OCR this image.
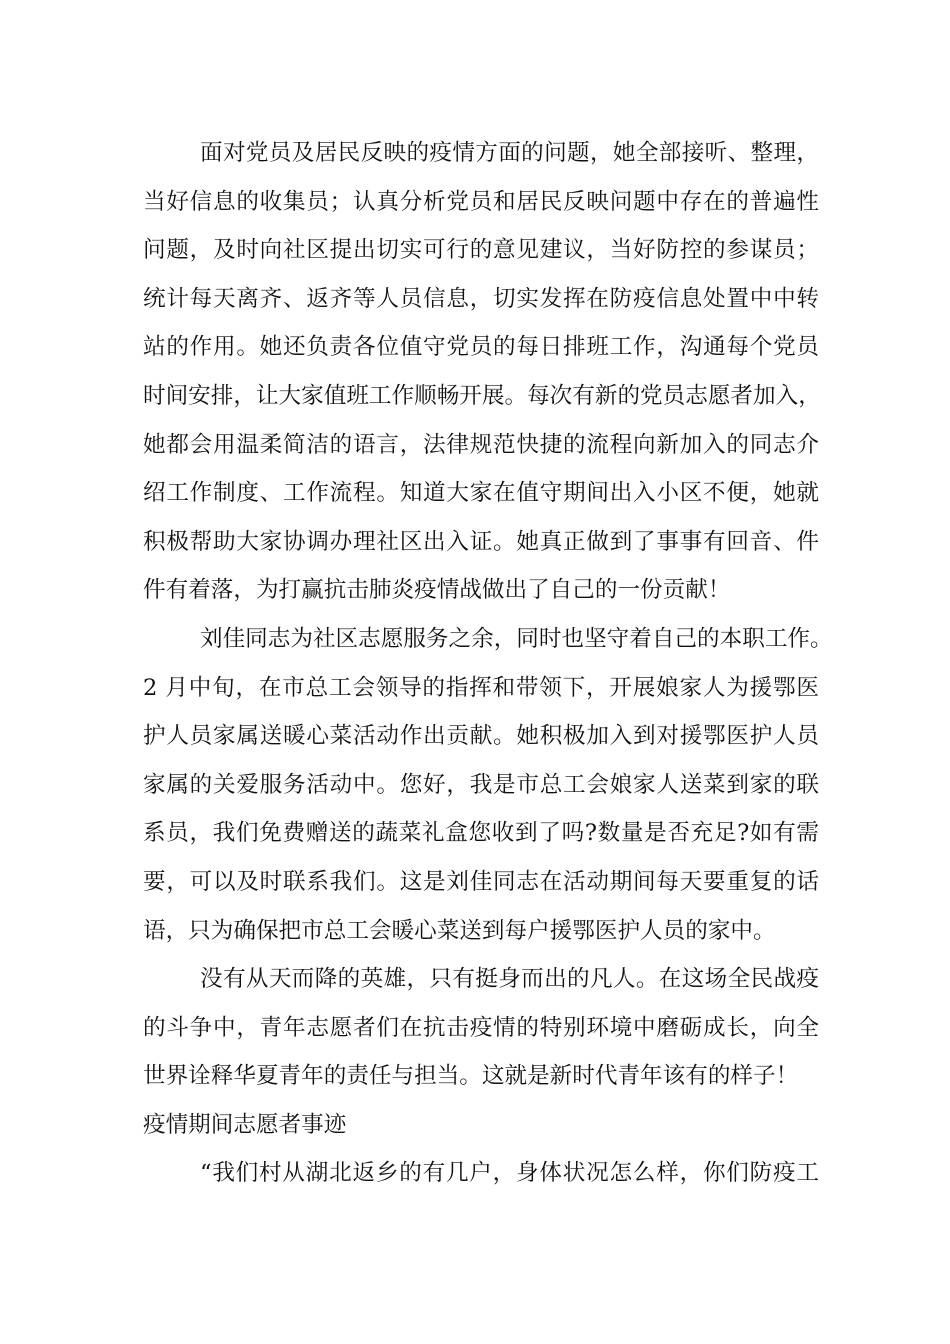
面对党员及居民反映的疫情方面的问题，她全部接听、整理，

当好信息的收集员；认真分析党员和居民反映问题中存在的普遍性

问题，及时向社区提出切实可行的意见建议，当好防控的参谋员；

统计每天离齐、返齐等人员信息，切实发挥在防疫信息处置中中转

站的作用。她还负责各位值守党员的每日排班工作，沟通每个党员

时间安排，让大家值班工作顺畅开展。每次有新的党员志愿者加入，

她都会用温柔简洁的语言，法律规范快捷的流程向新加入的同志介

绍工作制度、工作流程。知道大家在值守期间出入小区不便，她就

积极帮助大家协调办理社区出入证。她真正做到了事事有回音、件

件有着落，为打赢抗击肺炎疫情战做出了自己的一份贡献！

刘佳同志为社区志愿服务之余，同时也坚守着自己的本职工作。

2 月中旬，在市总工会领导的指挥和带领下，开展娘家人为援鄂医

护人员家属送暖心菜活动作出贡献。她积极加入到对援鄂医护人员

家属的关爱服务活动中。您好，我是市总工会娘家人送菜到家的联

系员，我们免费赠送的蔬菜礼盒您收到了吗?数量是否充足?如有需

要，可以及时联系我们。这是刘佳同志在活动期间每天要重复的话

语，只为确保把市总工会暖心菜送到每户援鄂医护人员的家中。

没有从天而降的英雄，只有挺身而出的凡人。在这场全民战疫

的斗争中，青年志愿者们在抗击疫情的特别环境中磨砺成长，向全

世界诠释华夏青年的责任与担当。这就是新时代青年该有的样子！

疫情期间志愿者事迹

“我们村从湖北返乡的有几户，身体状况怎么样，你们防疫工
